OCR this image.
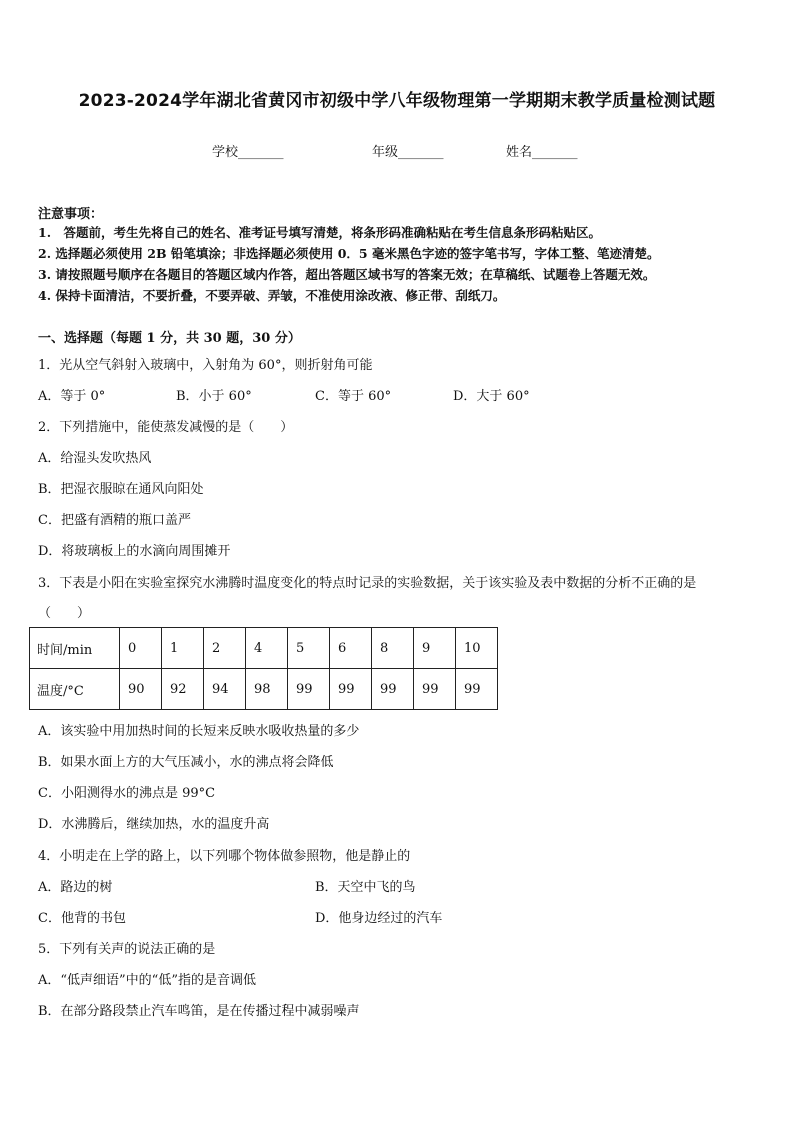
2023-2024学年湖北省黄冈市初级中学八年级物理第一学期期末教学质量检测试题
学校_______	年级_______	姓名_______
注意事项：
1.　答题前，考生先将自己的姓名、准考证号填写清楚，将条形码准确粘贴在考生信息条形码粘贴区。
2. 选择题必须使用 2B 铅笔填涂；非选择题必须使用 0．5 毫米黑色字迹的签字笔书写，字体工整、笔迹清楚。
3. 请按照题号顺序在各题目的答题区域内作答，超出答题区域书写的答案无效；在草稿纸、试题卷上答题无效。
4. 保持卡面清洁，不要折叠，不要弄破、弄皱，不准使用涂改液、修正带、刮纸刀。
一、选择题（每题 1 分，共 30 题，30 分）
1．光从空气斜射入玻璃中，入射角为 60°，则折射角可能
A．等于 0°	B．小于 60°	C．等于 60°	D．大于 60°
2．下列措施中，能使蒸发减慢的是（　　）
A．给湿头发吹热风
B．把湿衣服晾在通风向阳处
C．把盛有酒精的瓶口盖严
D．将玻璃板上的水滴向周围摊开
3．下表是小阳在实验室探究水沸腾时温度变化的特点时记录的实验数据，关于该实验及表中数据的分析不正确的是
（　　）
时间/min	0	1	2	4	5	6	8	9	10
温度/°C	90	92	94	98	99	99	99	99	99
A．该实验中用加热时间的长短来反映水吸收热量的多少
B．如果水面上方的大气压减小，水的沸点将会降低
C．小阳测得水的沸点是 99°C
D．水沸腾后，继续加热，水的温度升高
4．小明走在上学的路上，以下列哪个物体做参照物，他是静止的
A．路边的树	B．天空中飞的鸟
C．他背的书包	D．他身边经过的汽车
5．下列有关声的说法正确的是
A．“低声细语”中的“低”指的是音调低
B．在部分路段禁止汽车鸣笛，是在传播过程中减弱噪声
